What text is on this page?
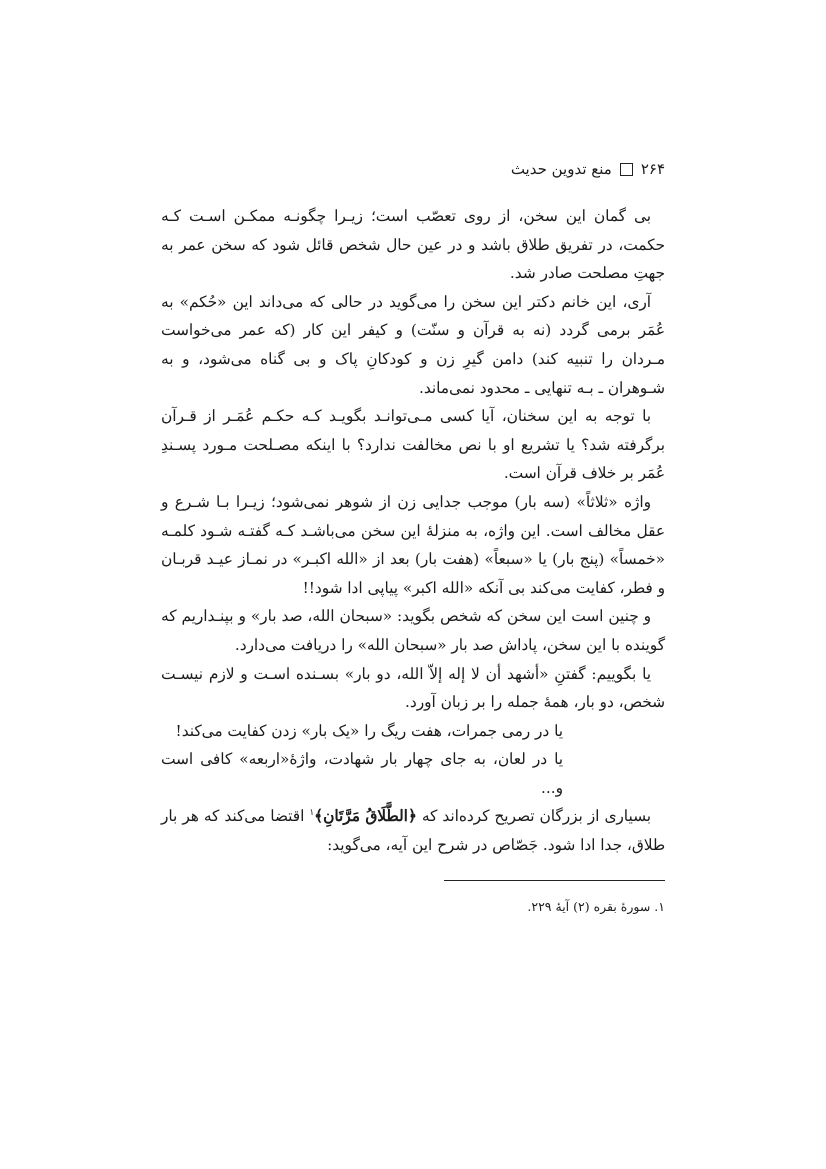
۲۶۴
منع تدوین حدیث

بی گمان این سخن، از روی تعصّب است؛ زیـرا چگونـه ممکـن اسـت کـه حکمت، در تفریق طلاق باشد و در عین حال شخص قائل شود که سخن عمر به جهتِ مصلحت صادر شد.

آری، این خانم دکتر این سخن را می‌گوید در حالی که می‌داند این «حُکم» به عُمَر برمی گردد (نه به قرآن و سنّت) و کیفر این کار (که عمر می‌خواست مـردان را تنبیه کند) دامن گیرِ زن و کودکانِ پاک و بی گناه می‌شود، و به شـوهران ـ بـه تنهایی ـ محدود نمی‌ماند.

با توجه به این سخنان، آیا کسی مـی‌توانـد بگویـد کـه حکـم عُمَـر از قـرآن برگرفته شد؟ یا تشریع او با نص مخالفت ندارد؟ با اینکه مصـلحت مـورد پسـندِ عُمَر بر خلاف قرآن است.

واژه «ثلاثاً» (سه بار) موجب جدایی زن از شوهر نمی‌شود؛ زیـرا بـا شـرع و عقل مخالف است. این واژه، به منزلهٔ این سخن می‌باشـد کـه گفتـه شـود کلمـه «خمساً» (پنج بار) یا «سبعاً» (هفت بار) بعد از «الله اکبـر» در نمـاز عیـد قربـان و فطر، کفایت می‌کند بی آنکه «الله اکبر» پیاپی ادا شود!!

و چنین است این سخن که شخص بگوید: «سبحان الله، صد بار» و بپنـداریم که گوینده با این سخن، پاداش صد بار «سبحان الله» را دریافت می‌دارد.

یا بگوییم: گفتنِ «أشهد أن لا إله إلاّ الله، دو بار» بسـنده اسـت و لازم نیسـت شخص، دو بار، همهٔ جمله را بر زبان آورد.

یا در رمی جمرات، هفت ریگ را «یک بار» زدن کفایت می‌کند!

یا در لعان، به جای چهار بار شهادت، واژهٔ«اربعه» کافی است و...

بسیاری از بزرگان تصریح کرده‌اند که ﴿الطَّلَاقُ مَرَّتَانِ﴾$^۱$ اقتضا می‌کند که هر بار طلاق، جدا ادا شود. جَصّاص در شرح این آیه، می‌گوید:

۱. سورهٔ بقره (۲) آیهٔ ۲۲۹.
